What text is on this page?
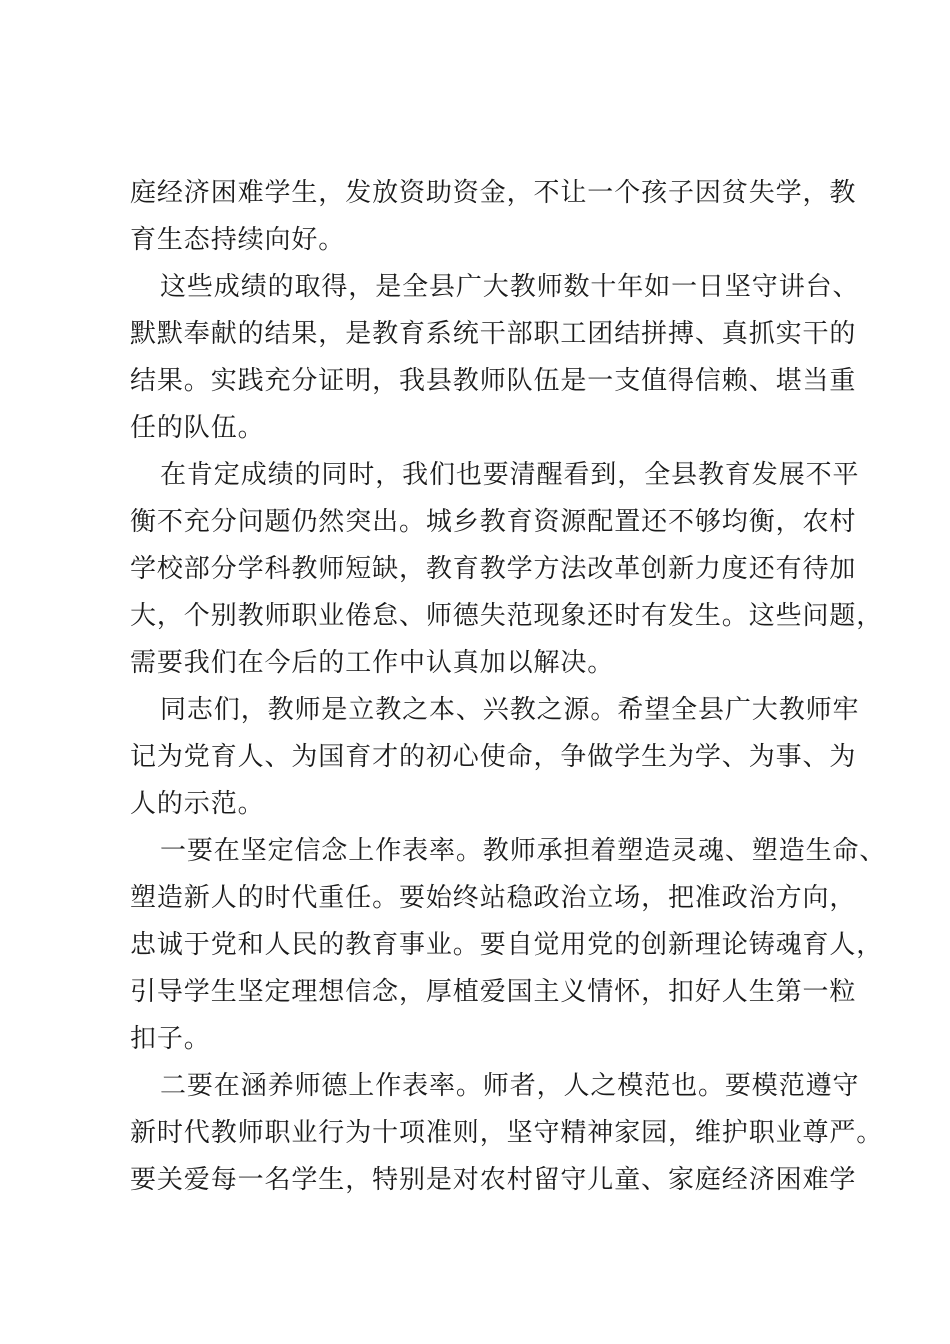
庭经济困难学生，发放资助资金，不让一个孩子因贫失学，教
育生态持续向好。
这些成绩的取得，是全县广大教师数十年如一日坚守讲台、
默默奉献的结果，是教育系统干部职工团结拼搏、真抓实干的
结果。实践充分证明，我县教师队伍是一支值得信赖、堪当重
任的队伍。
在肯定成绩的同时，我们也要清醒看到，全县教育发展不平
衡不充分问题仍然突出。城乡教育资源配置还不够均衡，农村
学校部分学科教师短缺，教育教学方法改革创新力度还有待加
大，个别教师职业倦怠、师德失范现象还时有发生。这些问题，
需要我们在今后的工作中认真加以解决。
同志们，教师是立教之本、兴教之源。希望全县广大教师牢
记为党育人、为国育才的初心使命，争做学生为学、为事、为
人的示范。
一要在坚定信念上作表率。教师承担着塑造灵魂、塑造生命、
塑造新人的时代重任。要始终站稳政治立场，把准政治方向，
忠诚于党和人民的教育事业。要自觉用党的创新理论铸魂育人，
引导学生坚定理想信念，厚植爱国主义情怀，扣好人生第一粒
扣子。
二要在涵养师德上作表率。师者，人之模范也。要模范遵守
新时代教师职业行为十项准则，坚守精神家园，维护职业尊严。
要关爱每一名学生，特别是对农村留守儿童、家庭经济困难学
